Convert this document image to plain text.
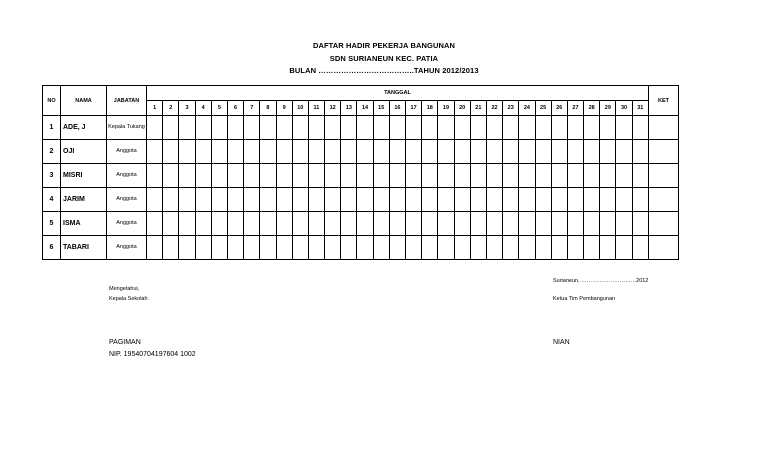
DAFTAR HADIR PEKERJA BANGUNAN
SDN SURIANEUN KEC. PATIA
BULAN ………………………………..TAHUN 2012/2013
NO	NAMA	JABATAN	TANGGAL																															KET
			1	2	3	4	5	6	7	8	9	10	11	12	13	14	15	16	17	18	19	20	21	22	23	24	25	26	27	28	29	30	31	
1	ADE, J	Kepala Tukang																																
2	OJI	Anggota																																
3	MISRI	Anggota																																
4	JARIM	Anggota																																
5	ISMA	Anggota																																
6	TABARI	Anggota																																
Mengetahui,
Kepala Sekolah
PAGIMAN
NIP. 19540704197604 1002
Surianeun, …………………………2012
Ketua Tim Pembangunan
NIAN
